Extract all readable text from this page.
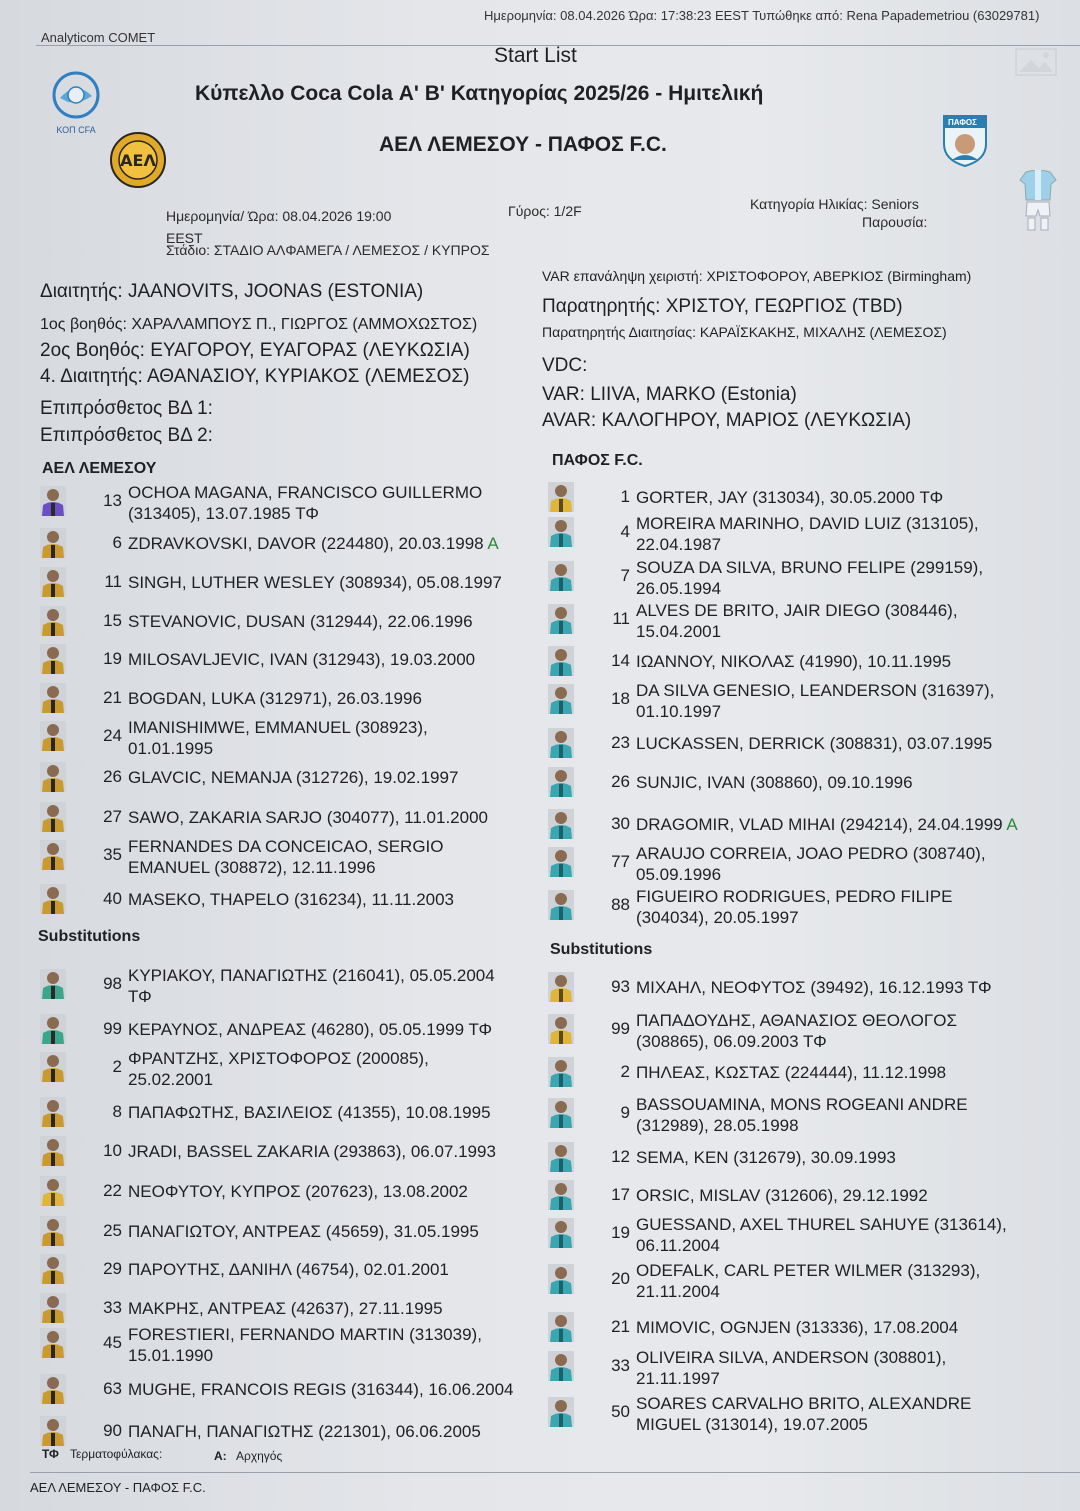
Ημερομηνία: 08.04.2026 Ώρα: 17:38:23 EEST Τυπώθηκε από: Rena Papademetriou (63029781)
Analyticom COMET
Start List
ΚΟΠ CFA
Κύπελλο Coca Cola Α' Β' Κατηγορίας 2025/26 - Ημιτελική
ΑΕΛ ΛΕΜΕΣΟΥ - ΠΑΦΟΣ F.C.
ΑΕΛ
ΠΑΦΟΣ
Ημερομηνία/ Ώρα: 08.04.2026 19:00
EEST
Στάδιο: ΣΤΑΔΙΟ ΑΛΦΑΜΕΓΑ / ΛΕΜΕΣΟΣ / ΚΥΠΡΟΣ
Γύρος: 1/2F	Κατηγορία Ηλικίας: Seniors
Παρουσία:
Διαιτητής: JAANOVITS, JOONAS (ESTONIA)
1ος βοηθός: ΧΑΡΑΛΑΜΠΟΥΣ Π., ΓΙΩΡΓΟΣ (ΑΜΜΟΧΩΣΤΟΣ)
2ος Βοηθός: ΕΥΑΓΟΡΟΥ, ΕΥΑΓΟΡΑΣ (ΛΕΥΚΩΣΙΑ)
4. Διαιτητής: ΑΘΑΝΑΣΙΟΥ, ΚΥΡΙΑΚΟΣ (ΛΕΜΕΣΟΣ)
Επιπρόσθετος ΒΔ 1:
Επιπρόσθετος ΒΔ 2:
VAR επανάληψη χειριστή: ΧΡΙΣΤΟΦΟΡΟΥ, ΑΒΕΡΚΙΟΣ (Birmingham)
Παρατηρητής: ΧΡΙΣΤΟΥ, ΓΕΩΡΓΙΟΣ (TBD)
Παρατηρητής Διαιτησίας: ΚΑΡΑΪΣΚΑΚΗΣ, ΜΙΧΑΛΗΣ (ΛΕΜΕΣΟΣ)
VDC:
VAR: LIIVA, MARKO (Estonia)
AVAR: ΚΑΛΟΓΗΡΟΥ, ΜΑΡΙΟΣ (ΛΕΥΚΩΣΙΑ)
ΑΕΛ ΛΕΜΕΣΟΥ	ΠΑΦΟΣ F.C.
13 OCHOA MAGANA, FRANCISCO GUILLERMO
(313405), 13.07.1985 ΤΦ
6 ZDRAVKOVSKI, DAVOR (224480), 20.03.1998 A
11 SINGH, LUTHER WESLEY (308934), 05.08.1997
15 STEVANOVIC, DUSAN (312944), 22.06.1996
19 MILOSAVLJEVIC, IVAN (312943), 19.03.2000
21 BOGDAN, LUKA (312971), 26.03.1996
24 IMANISHIMWE, EMMANUEL (308923),
01.01.1995
26 GLAVCIC, NEMANJA (312726), 19.02.1997
27 SAWO, ZAKARIA SARJO (304077), 11.01.2000
35 FERNANDES DA CONCEICAO, SERGIO
EMANUEL (308872), 12.11.1996
40 MASEKO, THAPELO (316234), 11.11.2003
1 GORTER, JAY (313034), 30.05.2000 ΤΦ
4 MOREIRA MARINHO, DAVID LUIZ (313105),
22.04.1987
7 SOUZA DA SILVA, BRUNO FELIPE (299159),
26.05.1994
11 ALVES DE BRITO, JAIR DIEGO (308446),
15.04.2001
14 ΙΩΑΝΝΟΥ, ΝΙΚΟΛΑΣ (41990), 10.11.1995
18 DA SILVA GENESIO, LEANDERSON (316397),
01.10.1997
23 LUCKASSEN, DERRICK (308831), 03.07.1995
26 SUNJIC, IVAN (308860), 09.10.1996
30 DRAGOMIR, VLAD MIHAI (294214), 24.04.1999 A
77 ARAUJO CORREIA, JOAO PEDRO (308740),
05.09.1996
88 FIGUEIRO RODRIGUES, PEDRO FILIPE
(304034), 20.05.1997
Substitutions
Substitutions
98 ΚΥΡΙΑΚΟΥ, ΠΑΝΑΓΙΩΤΗΣ (216041), 05.05.2004
ΤΦ
99 ΚΕΡΑΥΝΟΣ, ΑΝΔΡΕΑΣ (46280), 05.05.1999 ΤΦ
2 ΦΡΑΝΤΖΗΣ, ΧΡΙΣΤΟΦΟΡΟΣ (200085),
25.02.2001
8 ΠΑΠΑΦΩΤΗΣ, ΒΑΣΙΛΕΙΟΣ (41355), 10.08.1995
10 JRADI, BASSEL ZAKARIA (293863), 06.07.1993
22 ΝΕΟΦΥΤΟΥ, ΚΥΠΡΟΣ (207623), 13.08.2002
25 ΠΑΝΑΓΙΩΤΟΥ, ΑΝΤΡΕΑΣ (45659), 31.05.1995
29 ΠΑΡΟΥΤΗΣ, ΔΑΝΙΗΛ (46754), 02.01.2001
33 ΜΑΚΡΗΣ, ΑΝΤΡΕΑΣ (42637), 27.11.1995
45 FORESTIERI, FERNANDO MARTIN (313039),
15.01.1990
63 MUGHE, FRANCOIS REGIS (316344), 16.06.2004
90 ΠΑΝΑΓΗ, ΠΑΝΑΓΙΩΤΗΣ (221301), 06.06.2005
93 ΜΙΧΑΗΛ, ΝΕΟΦΥΤΟΣ (39492), 16.12.1993 ΤΦ
99 ΠΑΠΑΔΟΥΔΗΣ, ΑΘΑΝΑΣΙΟΣ ΘΕΟΛΟΓΟΣ
(308865), 06.09.2003 ΤΦ
2 ΠΗΛΕΑΣ, ΚΩΣΤΑΣ (224444), 11.12.1998
9 BASSOUAMINA, MONS ROGEANI ANDRE
(312989), 28.05.1998
12 SEMA, KEN (312679), 30.09.1993
17 ORSIC, MISLAV (312606), 29.12.1992
19 GUESSAND, AXEL THUREL SAHUYE (313614),
06.11.2004
20 ODEFALK, CARL PETER WILMER (313293),
21.11.2004
21 MIMOVIC, OGNJEN (313336), 17.08.2004
33 OLIVEIRA SILVA, ANDERSON (308801),
21.11.1997
50 SOARES CARVALHO BRITO, ALEXANDRE
MIGUEL (313014), 19.07.2005
ΤΦ Τερματοφύλακας:	A: Αρχηγός
ΑΕΛ ΛΕΜΕΣΟΥ - ΠΑΦΟΣ F.C.
